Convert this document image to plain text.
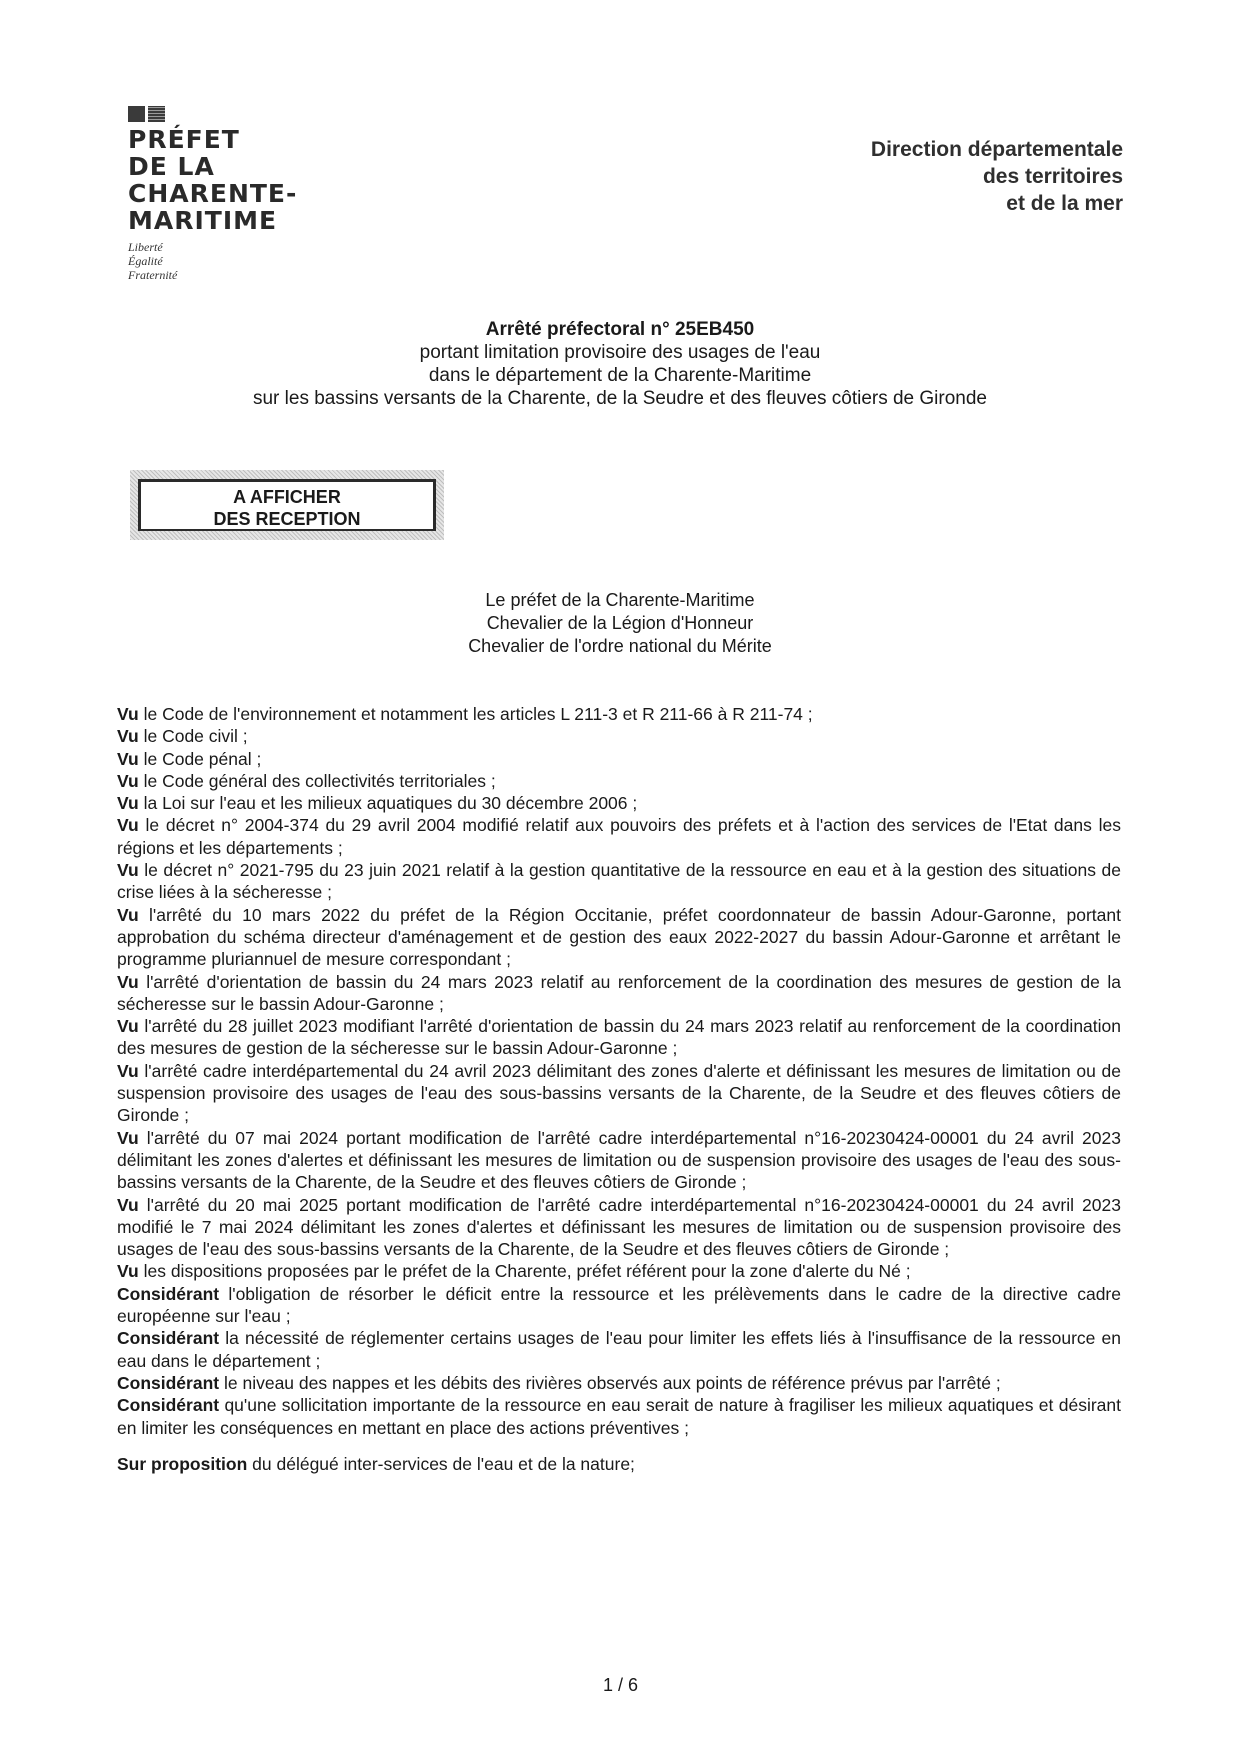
PRÉFET
DE LA
CHARENTE-
MARITIME
Liberté
Égalité
Fraternité
Direction départementale
des territoires
et de la mer
Arrêté préfectoral n° 25EB450
portant limitation provisoire des usages de l'eau
dans le département de la Charente-Maritime
sur les bassins versants de la Charente, de la Seudre et des fleuves côtiers de Gironde
A AFFICHER
DES RECEPTION
Le préfet de la Charente-Maritime
Chevalier de la Légion d'Honneur
Chevalier de l'ordre national du Mérite

Vu le Code de l'environnement et notamment les articles L 211-3 et R 211-66 à R 211-74 ;

Vu le Code civil ;

Vu le Code pénal ;

Vu le Code général des collectivités territoriales ;

Vu la Loi sur l'eau et les milieux aquatiques du 30 décembre 2006 ;

Vu le décret n° 2004-374 du 29 avril 2004 modifié relatif aux pouvoirs des préfets et à l'action des services de l'Etat dans les régions et les départements ;

Vu le décret n° 2021-795 du 23 juin 2021 relatif à la gestion quantitative de la ressource en eau et à la gestion des situations de crise liées à la sécheresse ;

Vu l'arrêté du 10 mars 2022 du préfet de la Région Occitanie, préfet coordonnateur de bassin Adour-Garonne, portant approbation du schéma directeur d'aménagement et de gestion des eaux 2022-2027 du bassin Adour-Garonne et arrêtant le programme pluriannuel de mesure correspondant ;

Vu l'arrêté d'orientation de bassin du 24 mars 2023 relatif au renforcement de la coordination des mesures de gestion de la sécheresse sur le bassin Adour-Garonne ;

Vu l'arrêté du 28 juillet 2023 modifiant l'arrêté d'orientation de bassin du 24 mars 2023 relatif au renforcement de la coordination des mesures de gestion de la sécheresse sur le bassin Adour-Garonne ;

Vu l'arrêté cadre interdépartemental du 24 avril 2023 délimitant des zones d'alerte et définissant les mesures de limitation ou de suspension provisoire des usages de l'eau des sous-bassins versants de la Charente, de la Seudre et des fleuves côtiers de Gironde ;

Vu l'arrêté du 07 mai 2024 portant modification de l'arrêté cadre interdépartemental n°16-20230424-00001 du 24 avril 2023 délimitant les zones d'alertes et définissant les mesures de limitation ou de suspension provisoire des usages de l'eau des sous-bassins versants de la Charente, de la Seudre et des fleuves côtiers de Gironde ;

Vu l'arrêté du 20 mai 2025 portant modification de l'arrêté cadre interdépartemental n°16-20230424-00001 du 24 avril 2023 modifié le 7 mai 2024 délimitant les zones d'alertes et définissant les mesures de limitation ou de suspension provisoire des usages de l'eau des sous-bassins versants de la Charente, de la Seudre et des fleuves côtiers de Gironde ;

Vu les dispositions proposées par le préfet de la Charente, préfet référent pour la zone d'alerte du Né ;

Considérant l'obligation de résorber le déficit entre la ressource et les prélèvements dans le cadre de la directive cadre européenne sur l'eau ;

Considérant la nécessité de réglementer certains usages de l'eau pour limiter les effets liés à l'insuffisance de la ressource en eau dans le département ;

Considérant le niveau des nappes et les débits des rivières observés aux points de référence prévus par l'arrêté ;

Considérant qu'une sollicitation importante de la ressource en eau serait de nature à fragiliser les milieux aquatiques et désirant en limiter les conséquences en mettant en place des actions préventives ;

Sur proposition du délégué inter-services de l'eau et de la nature;

1 / 6
